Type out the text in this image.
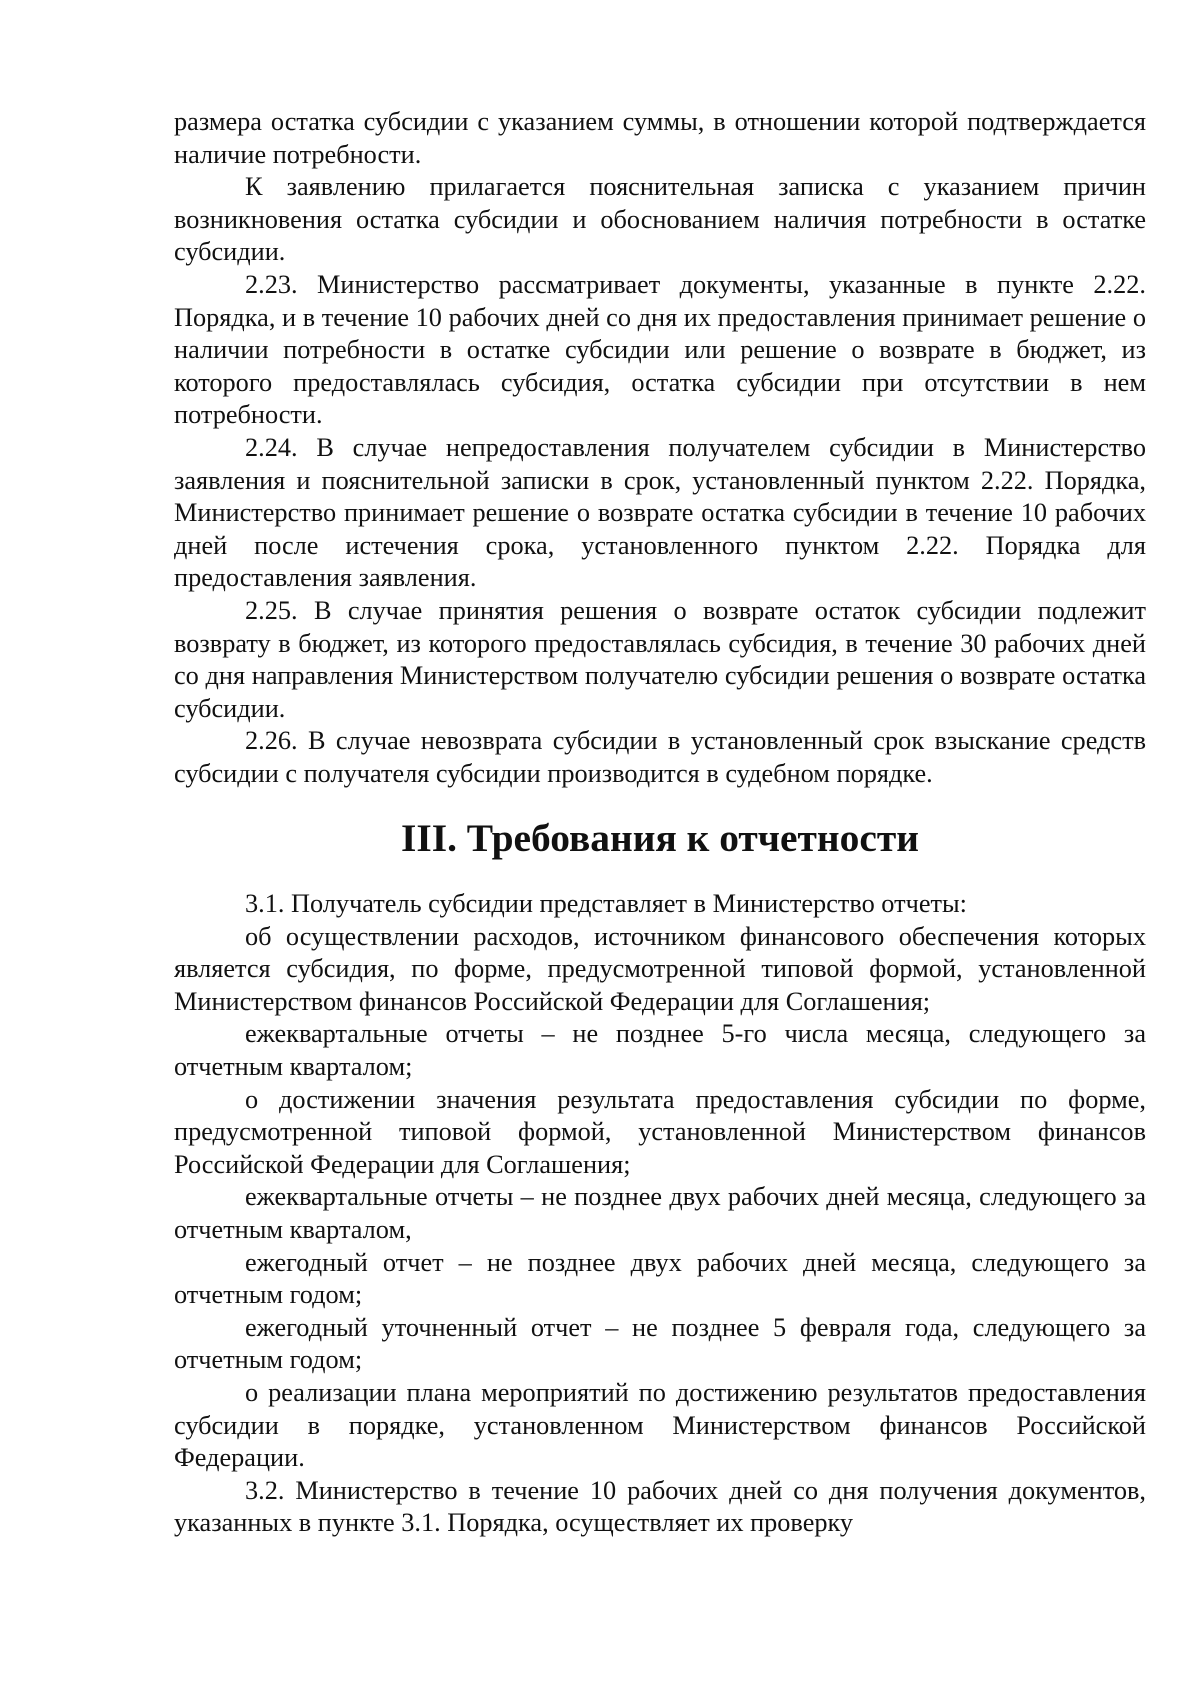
размера остатка субсидии с указанием суммы, в отношении которой подтверждается наличие потребности.

К заявлению прилагается пояснительная записка с указанием причин возникновения остатка субсидии и обоснованием наличия потребности в остатке субсидии.

2.23. Министерство рассматривает документы, указанные в пункте 2.22. Порядка, и в течение 10 рабочих дней со дня их предоставления принимает решение о наличии потребности в остатке субсидии или решение о возврате в бюджет, из которого предоставлялась субсидия, остатка субсидии при отсутствии в нем потребности.

2.24. В случае непредоставления получателем субсидии в Министерство заявления и пояснительной записки в срок, установленный пунктом 2.22. Порядка, Министерство принимает решение о возврате остатка субсидии в течение 10 рабочих дней после истечения срока, установленного пунктом 2.22. Порядка для предоставления заявления.

2.25. В случае принятия решения о возврате остаток субсидии подлежит возврату в бюджет, из которого предоставлялась субсидия, в течение 30 рабочих дней со дня направления Министерством получателю субсидии решения о возврате остатка субсидии.

2.26. В случае невозврата субсидии в установленный срок взыскание средств субсидии с получателя субсидии производится в судебном порядке.

III. Требования к отчетности

3.1. Получатель субсидии представляет в Министерство отчеты:

об осуществлении расходов, источником финансового обеспечения которых является субсидия, по форме, предусмотренной типовой формой, установленной Министерством финансов Российской Федерации для Соглашения;

ежеквартальные отчеты – не позднее 5-го числа месяца, следующего за отчетным кварталом;

о достижении значения результата предоставления субсидии по форме, предусмотренной типовой формой, установленной Министерством финансов Российской Федерации для Соглашения;

ежеквартальные отчеты – не позднее двух рабочих дней месяца, следующего за отчетным кварталом,

ежегодный отчет – не позднее двух рабочих дней месяца, следующего за отчетным годом;

ежегодный уточненный отчет – не позднее 5 февраля года, следующего за отчетным годом;

о реализации плана мероприятий по достижению результатов предоставления субсидии в порядке, установленном Министерством финансов Российской Федерации.

3.2. Министерство в течение 10 рабочих дней со дня получения документов, указанных в пункте 3.1. Порядка, осуществляет их проверку
